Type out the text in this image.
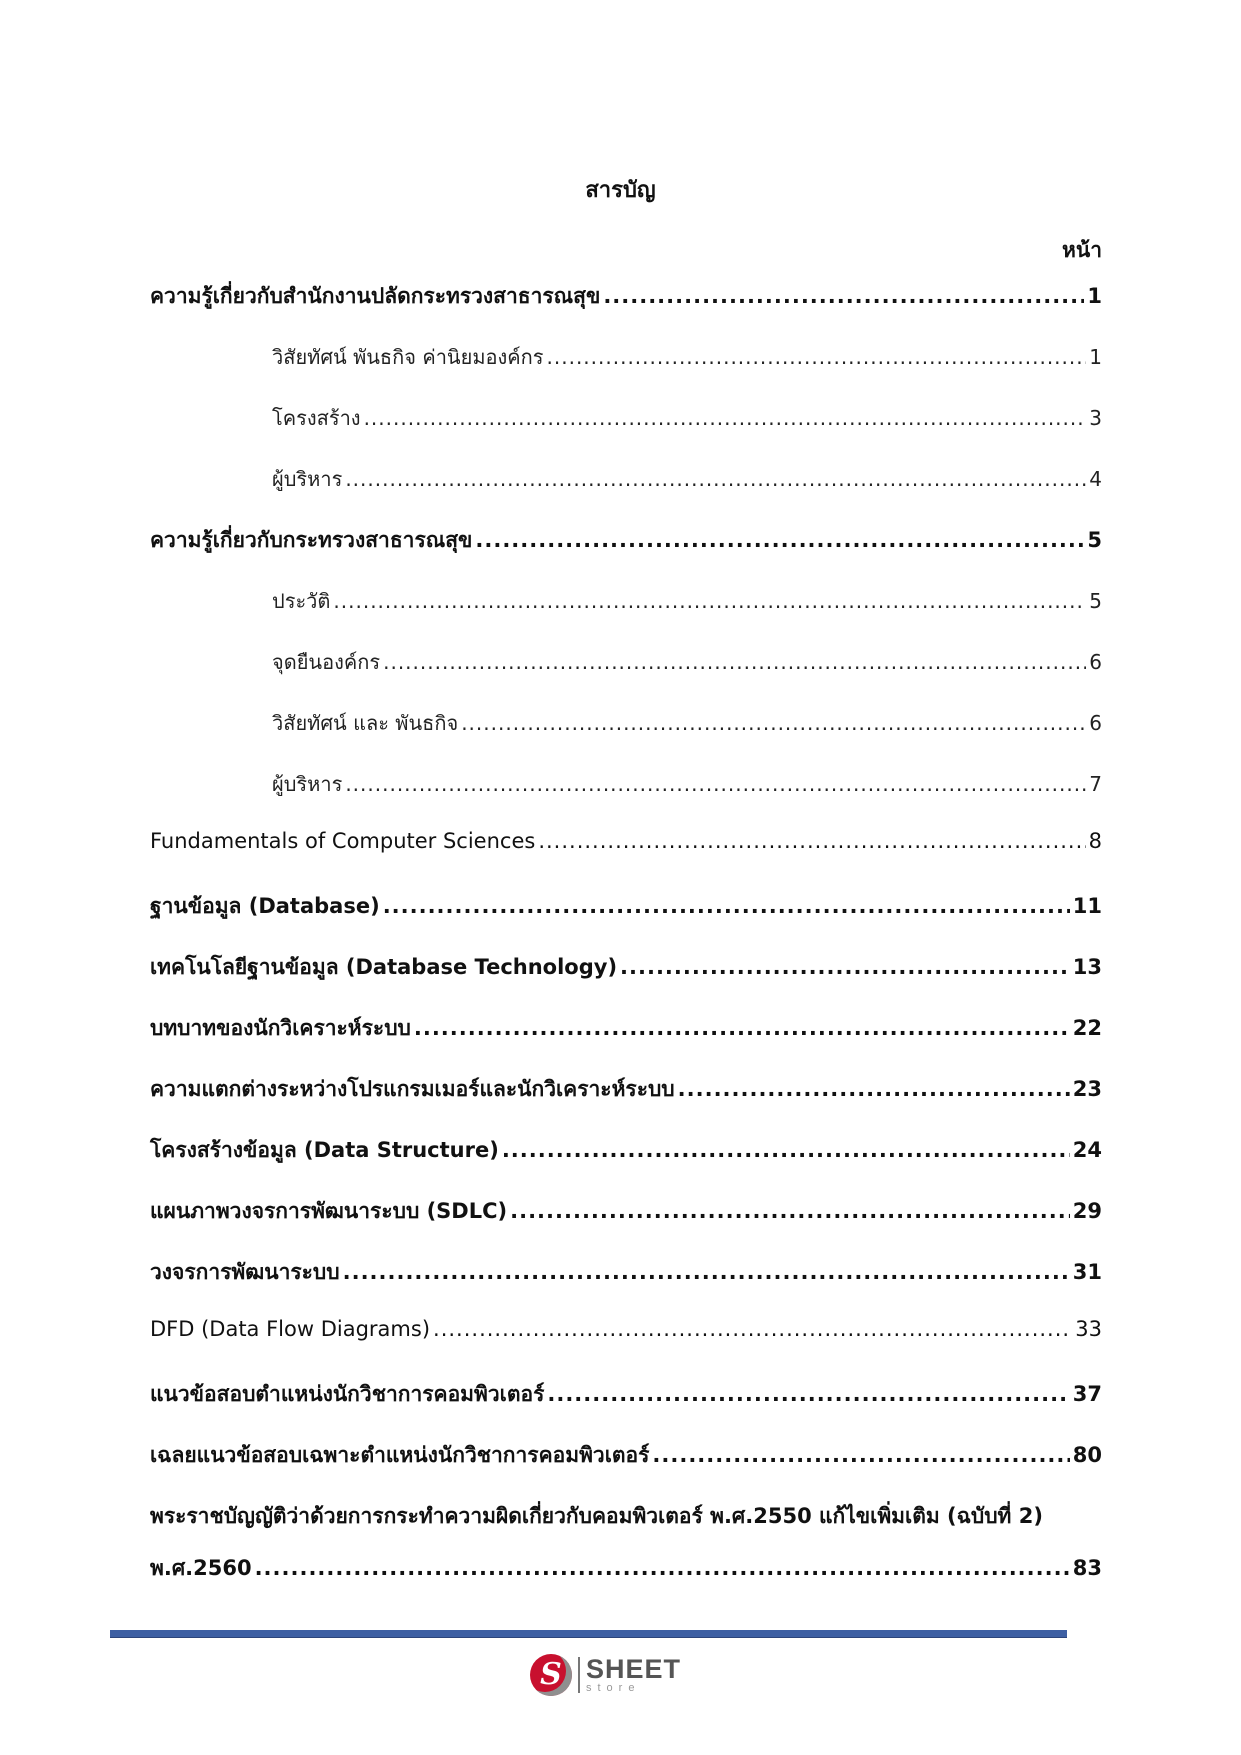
สารบัญ
หน้า
ความรู้เกี่ยวกับสำนักงานปลัดกระทรวงสาธารณสุข .....	1
วิสัยทัศน์ พันธกิจ ค่านิยมองค์กร .....	1
โครงสร้าง .....	3
ผู้บริหาร .....	4
ความรู้เกี่ยวกับกระทรวงสาธารณสุข .....	5
ประวัติ .....	5
จุดยืนองค์กร .....	6
วิสัยทัศน์ และ พันธกิจ .....	6
ผู้บริหาร .....	7
Fundamentals of Computer Sciences .....	8
ฐานข้อมูล (Database) .....	11
เทคโนโลยีฐานข้อมูล (Database Technology) .....	13
บทบาทของนักวิเคราะห์ระบบ .....	22
ความแตกต่างระหว่างโปรแกรมเมอร์และนักวิเคราะห์ระบบ .....	23
โครงสร้างข้อมูล (Data Structure) .....	24
แผนภาพวงจรการพัฒนาระบบ (SDLC) .....	29
วงจรการพัฒนาระบบ .....	31
DFD (Data Flow Diagrams) .....	33
แนวข้อสอบตำแหน่งนักวิชาการคอมพิวเตอร์ .....	37
เฉลยแนวข้อสอบเฉพาะตำแหน่งนักวิชาการคอมพิวเตอร์ .....	80
พระราชบัญญัติว่าด้วยการกระทำความผิดเกี่ยวกับคอมพิวเตอร์ พ.ศ.2550 แก้ไขเพิ่มเติม (ฉบับที่ 2)
พ.ศ.2560 .....	83
S SHEET
store
